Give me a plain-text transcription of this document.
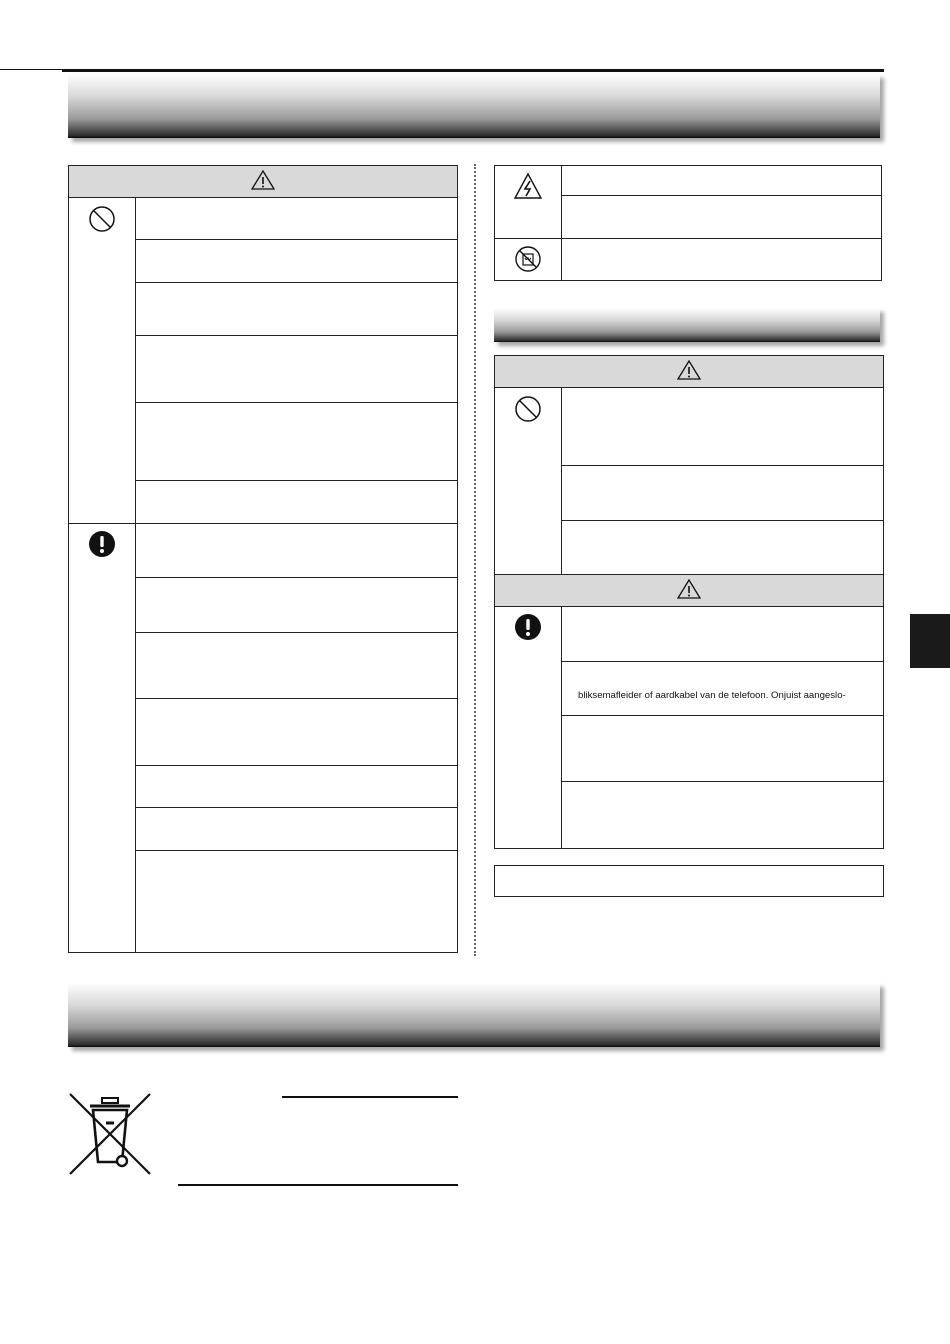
	bliksemafleider of aardkabel van de telefoon. Onjuist aangeslo-
